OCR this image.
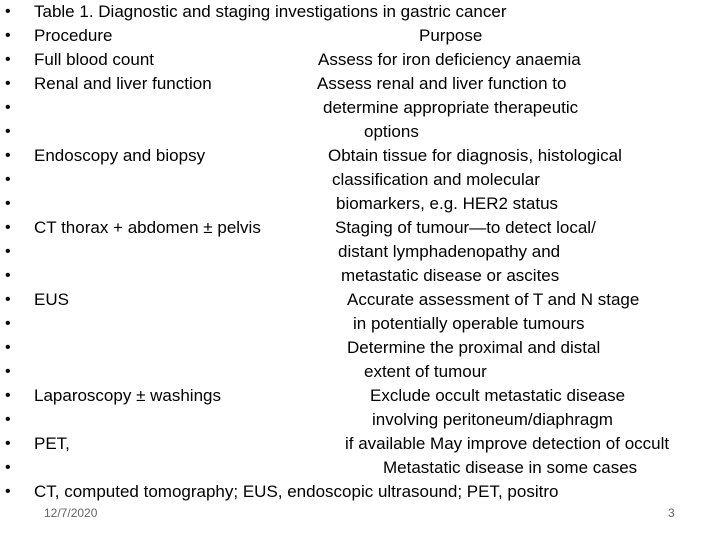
• Table 1. Diagnostic and staging investigations in gastric cancer
• Procedure	Purpose
• Full blood count	Assess for iron deficiency anaemia
• Renal and liver function	Assess renal and liver function to
•	determine appropriate therapeutic
•	options
• Endoscopy and biopsy	Obtain tissue for diagnosis, histological
•	classification and molecular
•	biomarkers, e.g. HER2 status
• CT thorax + abdomen ± pelvis	Staging of tumour—to detect local/
•	distant lymphadenopathy and
•	metastatic disease or ascites
• EUS	Accurate assessment of T and N stage
•	in potentially operable tumours
•	Determine the proximal and distal
•	extent of tumour
• Laparoscopy ± washings	Exclude occult metastatic disease
•	involving peritoneum/diaphragm
• PET,	if available May improve detection of occult
•	Metastatic disease in some cases
• CT, computed tomography; EUS, endoscopic ultrasound; PET, positro
12/7/2020	3
